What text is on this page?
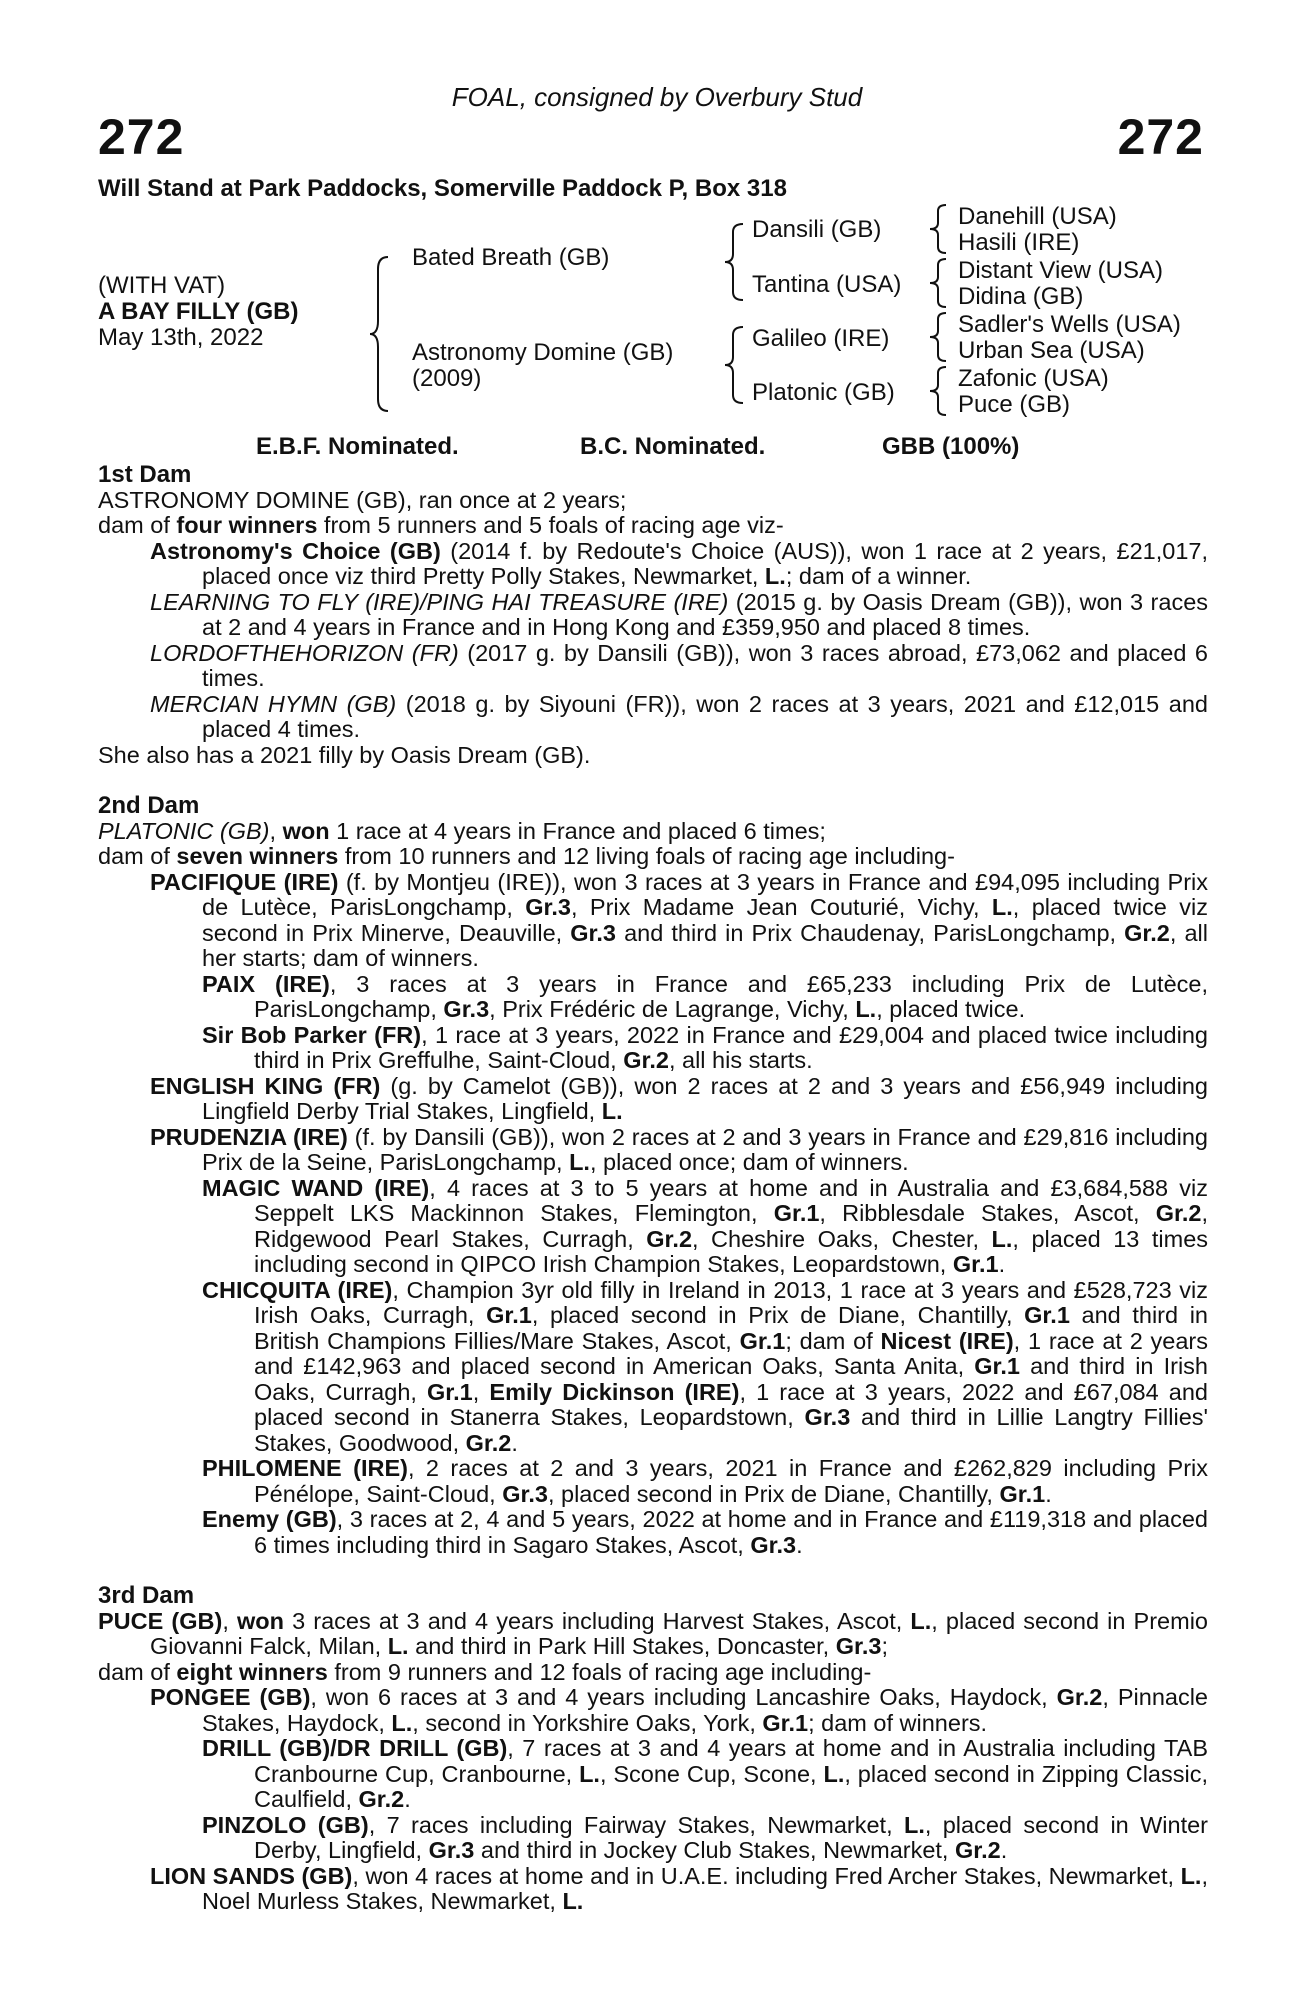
FOAL, consigned by Overbury Stud
272	272
Will Stand at Park Paddocks, Somerville Paddock P, Box 318
(WITH VAT)
A BAY FILLY (GB)
May 13th, 2022
Bated Breath (GB)
Astronomy Domine (GB)
(2009)
Dansili (GB)
Tantina (USA)
Galileo (IRE)
Platonic (GB)
Danehill (USA)
Hasili (IRE)
Distant View (USA)
Didina (GB)
Sadler's Wells (USA)
Urban Sea (USA)
Zafonic (USA)
Puce (GB)
E.B.F. Nominated.	B.C. Nominated.	GBB (100%)

1st Dam

ASTRONOMY DOMINE (GB), ran once at 2 years;

dam of four winners from 5 runners and 5 foals of racing age viz-

Astronomy's Choice (GB) (2014 f. by Redoute's Choice (AUS)), won 1 race at 2 years, £21,017, placed once viz third Pretty Polly Stakes, Newmarket, L.; dam of a winner.

LEARNING TO FLY (IRE)/PING HAI TREASURE (IRE) (2015 g. by Oasis Dream (GB)), won 3 races at 2 and 4 years in France and in Hong Kong and £359,950 and placed 8 times.

LORDOFTHEHORIZON (FR) (2017 g. by Dansili (GB)), won 3 races abroad, £73,062 and placed 6 times.

MERCIAN HYMN (GB) (2018 g. by Siyouni (FR)), won 2 races at 3 years, 2021 and £12,015 and placed 4 times.

She also has a 2021 filly by Oasis Dream (GB).

2nd Dam

PLATONIC (GB), won 1 race at 4 years in France and placed 6 times;

dam of seven winners from 10 runners and 12 living foals of racing age including-

PACIFIQUE (IRE) (f. by Montjeu (IRE)), won 3 races at 3 years in France and £94,095 including Prix de Lutèce, ParisLongchamp, Gr.3, Prix Madame Jean Couturié, Vichy, L., placed twice viz second in Prix Minerve, Deauville, Gr.3 and third in Prix Chaudenay, ParisLongchamp, Gr.2, all her starts; dam of winners.

PAIX (IRE), 3 races at 3 years in France and £65,233 including Prix de Lutèce, ParisLongchamp, Gr.3, Prix Frédéric de Lagrange, Vichy, L., placed twice.

Sir Bob Parker (FR), 1 race at 3 years, 2022 in France and £29,004 and placed twice including third in Prix Greffulhe, Saint-Cloud, Gr.2, all his starts.

ENGLISH KING (FR) (g. by Camelot (GB)), won 2 races at 2 and 3 years and £56,949 including Lingfield Derby Trial Stakes, Lingfield, L.

PRUDENZIA (IRE) (f. by Dansili (GB)), won 2 races at 2 and 3 years in France and £29,816 including Prix de la Seine, ParisLongchamp, L., placed once; dam of winners.

MAGIC WAND (IRE), 4 races at 3 to 5 years at home and in Australia and £3,684,588 viz Seppelt LKS Mackinnon Stakes, Flemington, Gr.1, Ribblesdale Stakes, Ascot, Gr.2, Ridgewood Pearl Stakes, Curragh, Gr.2, Cheshire Oaks, Chester, L., placed 13 times including second in QIPCO Irish Champion Stakes, Leopardstown, Gr.1.

CHICQUITA (IRE), Champion 3yr old filly in Ireland in 2013, 1 race at 3 years and £528,723 viz Irish Oaks, Curragh, Gr.1, placed second in Prix de Diane, Chantilly, Gr.1 and third in British Champions Fillies/Mare Stakes, Ascot, Gr.1; dam of Nicest (IRE), 1 race at 2 years and £142,963 and placed second in American Oaks, Santa Anita, Gr.1 and third in Irish Oaks, Curragh, Gr.1, Emily Dickinson (IRE), 1 race at 3 years, 2022 and £67,084 and placed second in Stanerra Stakes, Leopardstown, Gr.3 and third in Lillie Langtry Fillies' Stakes, Goodwood, Gr.2.

PHILOMENE (IRE), 2 races at 2 and 3 years, 2021 in France and £262,829 including Prix Pénélope, Saint-Cloud, Gr.3, placed second in Prix de Diane, Chantilly, Gr.1.

Enemy (GB), 3 races at 2, 4 and 5 years, 2022 at home and in France and £119,318 and placed 6 times including third in Sagaro Stakes, Ascot, Gr.3.

3rd Dam

PUCE (GB), won 3 races at 3 and 4 years including Harvest Stakes, Ascot, L., placed second in Premio Giovanni Falck, Milan, L. and third in Park Hill Stakes, Doncaster, Gr.3;

dam of eight winners from 9 runners and 12 foals of racing age including-

PONGEE (GB), won 6 races at 3 and 4 years including Lancashire Oaks, Haydock, Gr.2, Pinnacle Stakes, Haydock, L., second in Yorkshire Oaks, York, Gr.1; dam of winners.

DRILL (GB)/DR DRILL (GB), 7 races at 3 and 4 years at home and in Australia including TAB Cranbourne Cup, Cranbourne, L., Scone Cup, Scone, L., placed second in Zipping Classic, Caulfield, Gr.2.

PINZOLO (GB), 7 races including Fairway Stakes, Newmarket, L., placed second in Winter Derby, Lingfield, Gr.3 and third in Jockey Club Stakes, Newmarket, Gr.2.

LION SANDS (GB), won 4 races at home and in U.A.E. including Fred Archer Stakes, Newmarket, L., Noel Murless Stakes, Newmarket, L.
